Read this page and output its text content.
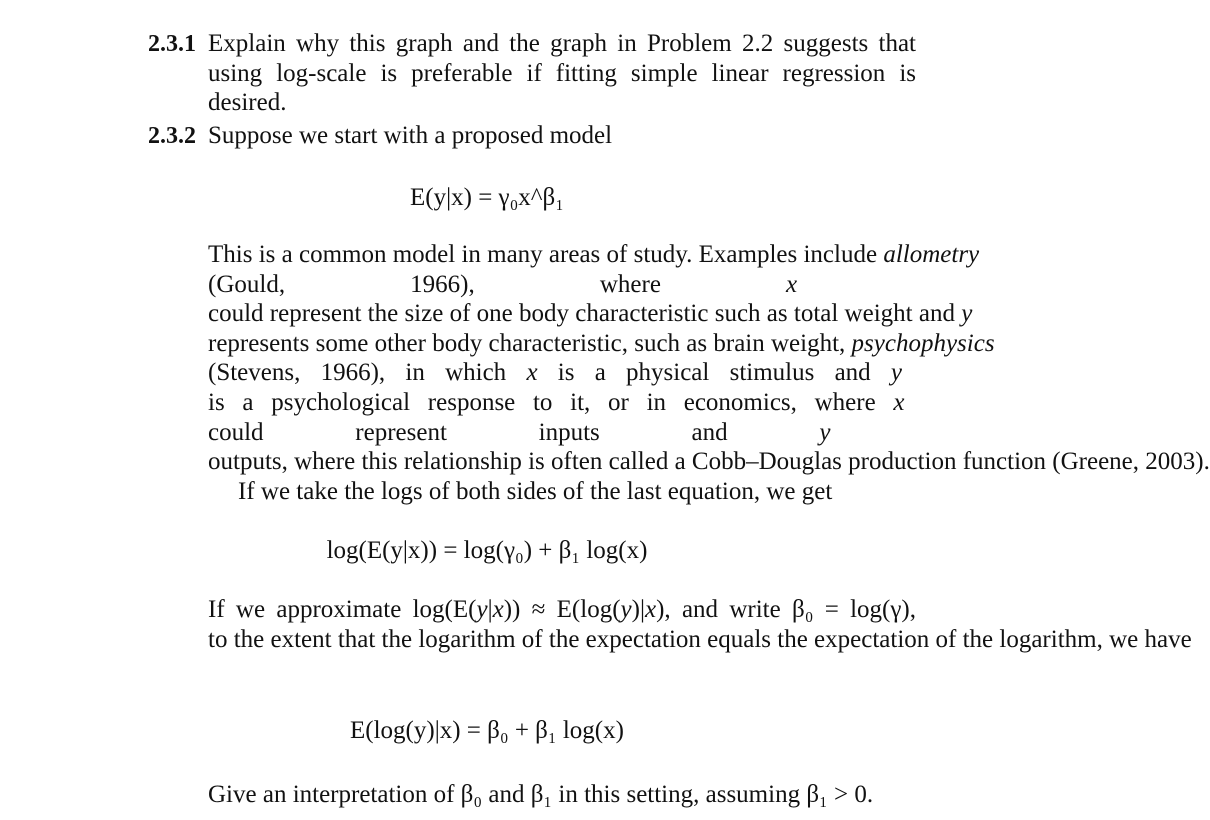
2.3.1 Explain why this graph and the graph in Problem 2.2 suggests that using log-scale is preferable if fitting simple linear regression is desired.
2.3.2 Suppose we start with a proposed model
E(y|x) = γ₀x^β₁

This is a common model in many areas of study. Examples include allometry (Gould, 1966), where x could represent the size of one body characteristic such as total weight and y represents some other body characteristic, such as brain weight, psychophysics (Stevens, 1966), in which x is a physical stimulus and y is a psychological response to it, or in economics, where x could represent inputs and y outputs, where this relationship is often called a Cobb–Douglas production function (Greene, 2003).

If we take the logs of both sides of the last equation, we get

log(E(y|x)) = log(γ₀) + β₁ log(x)

If we approximate log(E(y|x)) ≈ E(log(y)|x), and write β₀ = log(γ), to the extent that the logarithm of the expectation equals the expectation of the logarithm, we have

E(log(y)|x) = β₀ + β₁ log(x)
Give an interpretation of β₀ and β₁ in this setting, assuming β₁ > 0.
